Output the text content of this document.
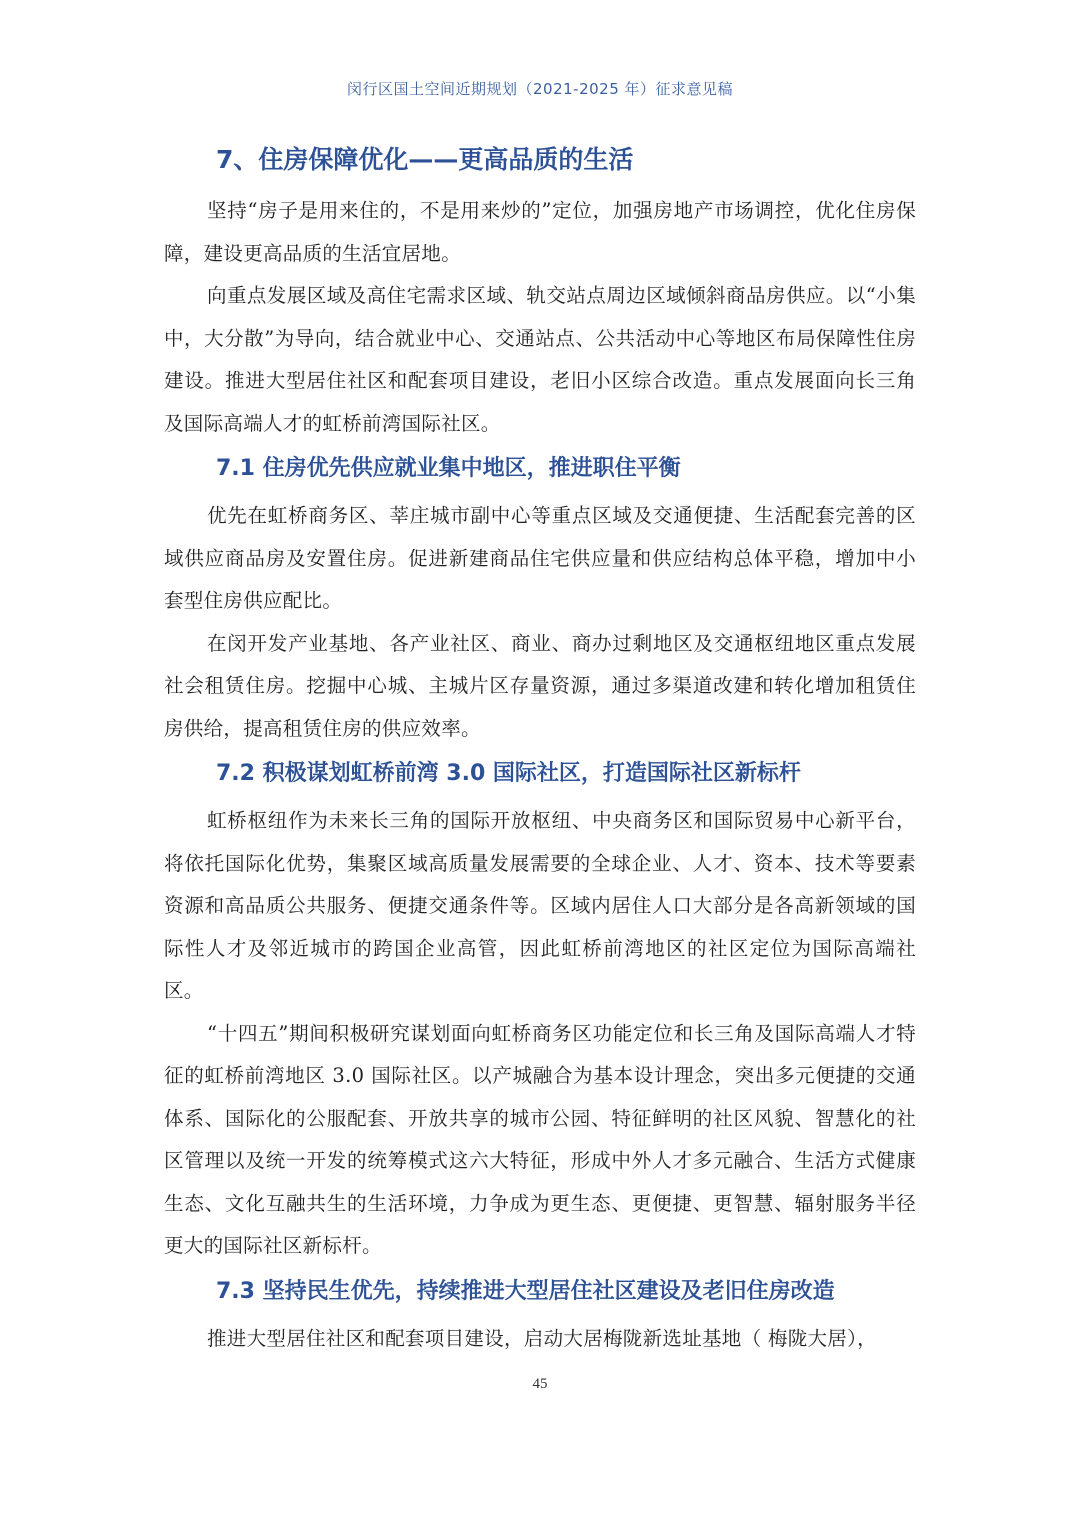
闵行区国土空间近期规划（2021-2025 年）征求意见稿
7、住房保障优化——更高品质的生活

坚持“房子是用来住的，不是用来炒的”定位，加强房地产市场调控，优化住房保障，建设更高品质的生活宜居地。

向重点发展区域及高住宅需求区域、轨交站点周边区域倾斜商品房供应。以“小集中，大分散”为导向，结合就业中心、交通站点、公共活动中心等地区布局保障性住房建设。推进大型居住社区和配套项目建设，老旧小区综合改造。重点发展面向长三角及国际高端人才的虹桥前湾国际社区。

7.1 住房优先供应就业集中地区，推进职住平衡

优先在虹桥商务区、莘庄城市副中心等重点区域及交通便捷、生活配套完善的区域供应商品房及安置住房。促进新建商品住宅供应量和供应结构总体平稳，增加中小套型住房供应配比。

在闵开发产业基地、各产业社区、商业、商办过剩地区及交通枢纽地区重点发展社会租赁住房。挖掘中心城、主城片区存量资源，通过多渠道改建和转化增加租赁住房供给，提高租赁住房的供应效率。

7.2 积极谋划虹桥前湾 3.0 国际社区，打造国际社区新标杆

虹桥枢纽作为未来长三角的国际开放枢纽、中央商务区和国际贸易中心新平台，将依托国际化优势，集聚区域高质量发展需要的全球企业、人才、资本、技术等要素资源和高品质公共服务、便捷交通条件等。区域内居住人口大部分是各高新领域的国际性人才及邻近城市的跨国企业高管，因此虹桥前湾地区的社区定位为国际高端社区。

“十四五”期间积极研究谋划面向虹桥商务区功能定位和长三角及国际高端人才特征的虹桥前湾地区 3.0 国际社区。以产城融合为基本设计理念，突出多元便捷的交通体系、国际化的公服配套、开放共享的城市公园、特征鲜明的社区风貌、智慧化的社区管理以及统一开发的统筹模式这六大特征，形成中外人才多元融合、生活方式健康生态、文化互融共生的生活环境，力争成为更生态、更便捷、更智慧、辐射服务半径更大的国际社区新标杆。

7.3 坚持民生优先，持续推进大型居住社区建设及老旧住房改造

推进大型居住社区和配套项目建设，启动大居梅陇新选址基地（ 梅陇大居），

45
